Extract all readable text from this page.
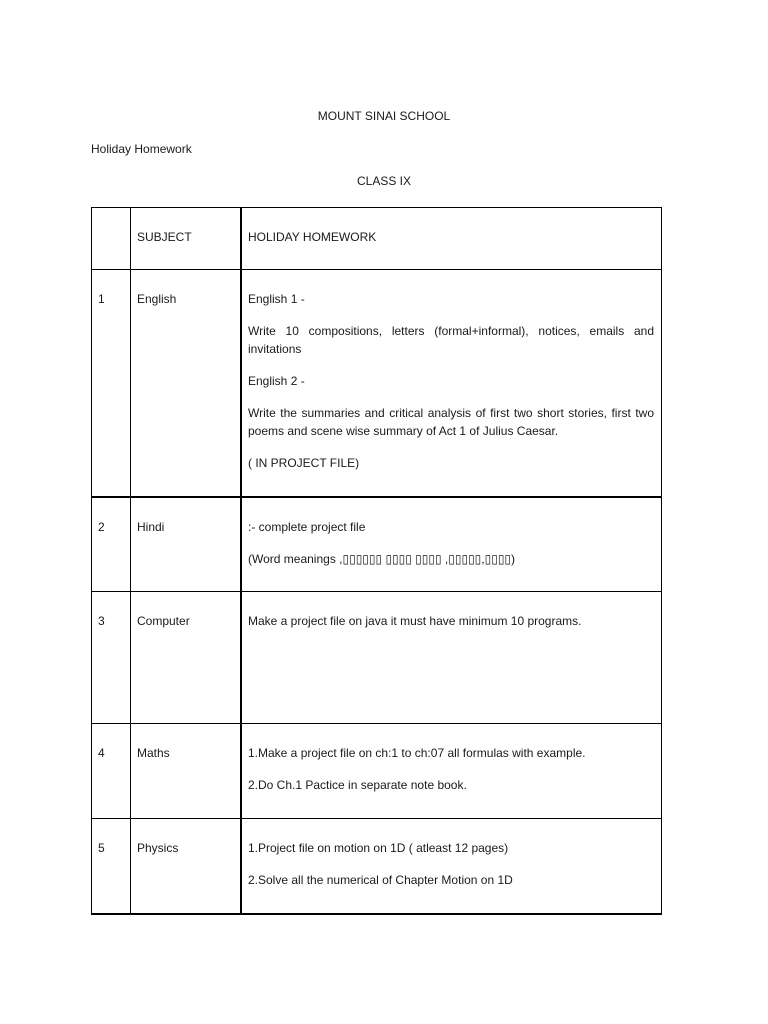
MOUNT SINAI SCHOOL
Holiday Homework
CLASS IX

	SUBJECT	HOLIDAY HOMEWORK

1	English	English 1 -

Write 10 compositions, letters (formal+informal), notices, emails and invitations

English 2 -

Write the summaries and critical analysis of first two short stories, first two poems and scene wise summary of Act 1 of Julius Caesar.

( IN PROJECT FILE)

2	Hindi	:- complete project file

(Word meanings ,▯▯▯▯▯▯ ▯▯▯▯ ▯▯▯▯ ,▯▯▯▯▯,▯▯▯▯)

3	Computer	Make a project file on java it must have minimum 10 programs.

4	Maths	1.Make a project file on ch:1 to ch:07 all formulas with example.

2.Do Ch.1 Pactice in separate note book.

5	Physics	1.Project file on motion on 1D ( atleast 12 pages)

2.Solve all the numerical of Chapter Motion on 1D
